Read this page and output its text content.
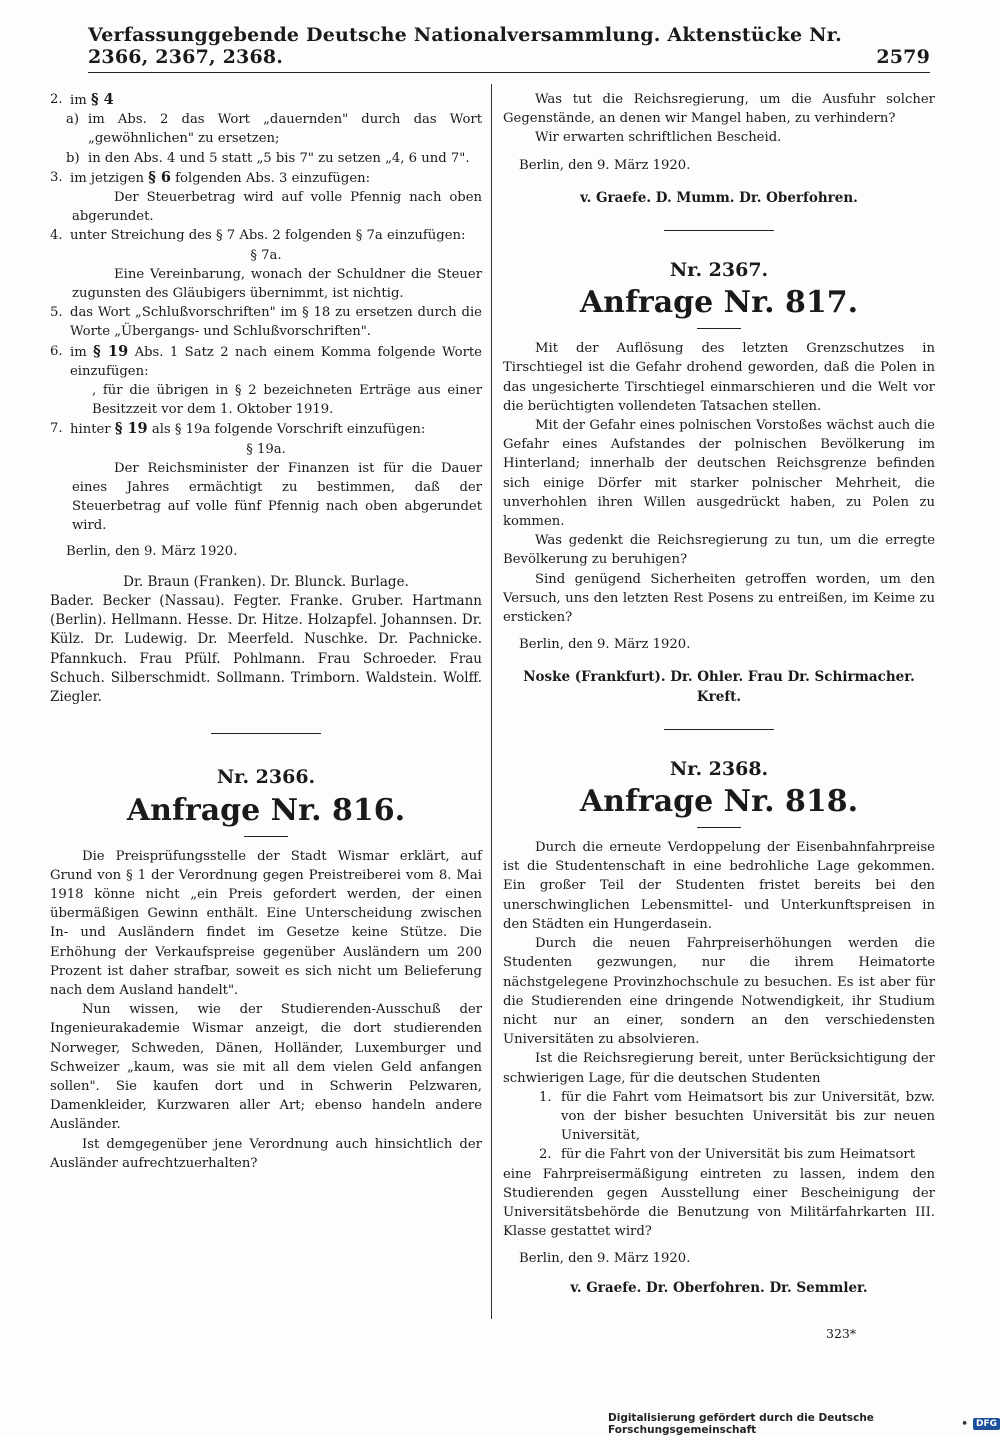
Verfassunggebende Deutsche Nationalversammlung. Aktenstücke Nr. 2366, 2367, 2368.	2579
2. im § 4
a) im Abs. 2 das Wort „dauernden" durch das Wort „gewöhnlichen" zu ersetzen;
b) in den Abs. 4 und 5 statt „5 bis 7" zu setzen „4, 6 und 7".
3. im jetzigen § 6 folgenden Abs. 3 einzufügen:

Der Steuerbetrag wird auf volle Pfennig nach oben abgerundet.

4. unter Streichung des § 7 Abs. 2 folgenden § 7a einzufügen:

§ 7a.

Eine Vereinbarung, wonach der Schuldner die Steuer zugunsten des Gläubigers übernimmt, ist nichtig.

5. das Wort „Schlußvorschriften" im § 18 zu ersetzen durch die Worte „Übergangs- und Schlußvorschriften".
6. im § 19 Abs. 1 Satz 2 nach einem Komma folgende Worte einzufügen:

, für die übrigen in § 2 bezeichneten Erträge aus einer Besitzzeit vor dem 1. Oktober 1919.

7. hinter § 19 als § 19a folgende Vorschrift einzufügen:

§ 19a.

Der Reichsminister der Finanzen ist für die Dauer eines Jahres ermächtigt zu bestimmen, daß der Steuerbetrag auf volle fünf Pfennig nach oben abgerundet wird.

Berlin, den 9. März 1920.

Dr. Braun (Franken). Dr. Blunck. Burlage.

Bader. Becker (Nassau). Fegter. Franke. Gruber. Hartmann (Berlin). Hellmann. Hesse. Dr. Hitze. Holzapfel. Johannsen. Dr. Külz. Dr. Ludewig. Dr. Meerfeld. Nuschke. Dr. Pachnicke. Pfannkuch. Frau Pfülf. Pohlmann. Frau Schroeder. Frau Schuch. Silberschmidt. Sollmann. Trimborn. Waldstein. Wolff. Ziegler.

Nr. 2366.

Anfrage Nr. 816.

Die Preisprüfungsstelle der Stadt Wismar erklärt, auf Grund von § 1 der Verordnung gegen Preistreiberei vom 8. Mai 1918 könne nicht „ein Preis gefordert werden, der einen übermäßigen Gewinn enthält. Eine Unterscheidung zwischen In- und Ausländern findet im Gesetze keine Stütze. Die Erhöhung der Verkaufspreise gegenüber Ausländern um 200 Prozent ist daher strafbar, soweit es sich nicht um Belieferung nach dem Ausland handelt".

Nun wissen, wie der Studierenden-Ausschuß der Ingenieurakademie Wismar anzeigt, die dort studierenden Norweger, Schweden, Dänen, Holländer, Luxemburger und Schweizer „kaum, was sie mit all dem vielen Geld anfangen sollen". Sie kaufen dort und in Schwerin Pelzwaren, Damenkleider, Kurzwaren aller Art; ebenso handeln andere Ausländer.

Ist demgegenüber jene Verordnung auch hinsichtlich der Ausländer aufrechtzuerhalten?

Was tut die Reichsregierung, um die Ausfuhr solcher Gegenstände, an denen wir Mangel haben, zu verhindern?

Wir erwarten schriftlichen Bescheid.

Berlin, den 9. März 1920.

v. Graefe. D. Mumm. Dr. Oberfohren.

Nr. 2367.

Anfrage Nr. 817.

Mit der Auflösung des letzten Grenzschutzes in Tirschtiegel ist die Gefahr drohend geworden, daß die Polen in das ungesicherte Tirschtiegel einmarschieren und die Welt vor die berüchtigten vollendeten Tatsachen stellen.

Mit der Gefahr eines polnischen Vorstoßes wächst auch die Gefahr eines Aufstandes der polnischen Bevölkerung im Hinterland; innerhalb der deutschen Reichsgrenze befinden sich einige Dörfer mit starker polnischer Mehrheit, die unverhohlen ihren Willen ausgedrückt haben, zu Polen zu kommen.

Was gedenkt die Reichsregierung zu tun, um die erregte Bevölkerung zu beruhigen?

Sind genügend Sicherheiten getroffen worden, um den Versuch, uns den letzten Rest Posens zu entreißen, im Keime zu ersticken?

Berlin, den 9. März 1920.

Noske (Frankfurt). Dr. Ohler. Frau Dr. Schirmacher. Kreft.

Nr. 2368.

Anfrage Nr. 818.

Durch die erneute Verdoppelung der Eisenbahnfahrpreise ist die Studentenschaft in eine bedrohliche Lage gekommen. Ein großer Teil der Studenten fristet bereits bei den unerschwinglichen Lebensmittel- und Unterkunftspreisen in den Städten ein Hungerdasein.

Durch die neuen Fahrpreiserhöhungen werden die Studenten gezwungen, nur die ihrem Heimatorte nächstgelegene Provinzhochschule zu besuchen. Es ist aber für die Studierenden eine dringende Notwendigkeit, ihr Studium nicht nur an einer, sondern an den verschiedensten Universitäten zu absolvieren.

Ist die Reichsregierung bereit, unter Berücksichtigung der schwierigen Lage, für die deutschen Studenten

1. für die Fahrt vom Heimatsort bis zur Universität, bzw. von der bisher besuchten Universität bis zur neuen Universität,
2. für die Fahrt von der Universität bis zum Heimatsort

eine Fahrpreisermäßigung eintreten zu lassen, indem den Studierenden gegen Ausstellung einer Bescheinigung der Universitätsbehörde die Benutzung von Militärfahrkarten III. Klasse gestattet wird?

Berlin, den 9. März 1920.

v. Graefe. Dr. Oberfohren. Dr. Semmler.

323*
Digitalisierung gefördert durch die Deutsche Forschungsgemeinschaft	• DFG
